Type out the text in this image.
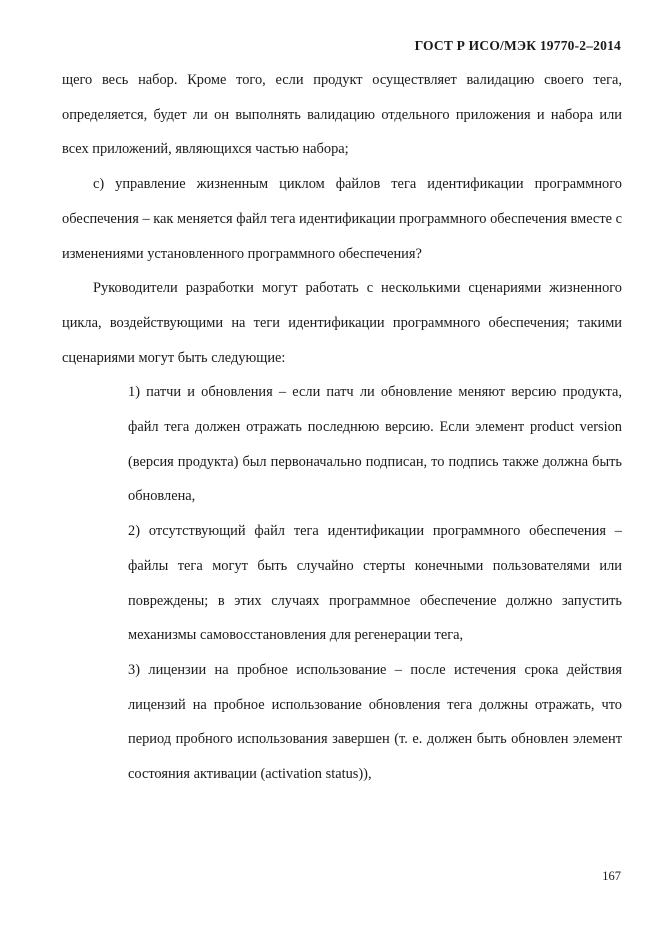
ГОСТ Р ИСО/МЭК 19770-2–2014

щего весь набор. Кроме того, если продукт осуществляет валидацию своего тега, определяется, будет ли он выполнять валидацию отдельного приложения и набора или всех приложений, являющихся частью набора;

с) управление жизненным циклом файлов тега идентификации программного обеспечения – как меняется файл тега идентификации программного обеспечения вместе с изменениями установленного программного обеспечения?

Руководители разработки могут работать с несколькими сценариями жизненного цикла, воздействующими на теги идентификации программного обеспечения; такими сценариями могут быть следующие:

1) патчи и обновления – если патч ли обновление меняют версию продукта, файл тега должен отражать последнюю версию. Если элемент product version (версия продукта) был первоначально подписан, то подпись также должна быть обновлена,

2) отсутствующий файл тега идентификации программного обеспечения – файлы тега могут быть случайно стерты конечными пользователями или повреждены; в этих случаях программное обеспечение должно запустить механизмы самовосстановления для регенерации тега,

3) лицензии на пробное использование – после истечения срока действия лицензий на пробное использование обновления тега должны отражать, что период пробного использования завершен (т. е. должен быть обновлен элемент состояния активации (activation status)),

167
